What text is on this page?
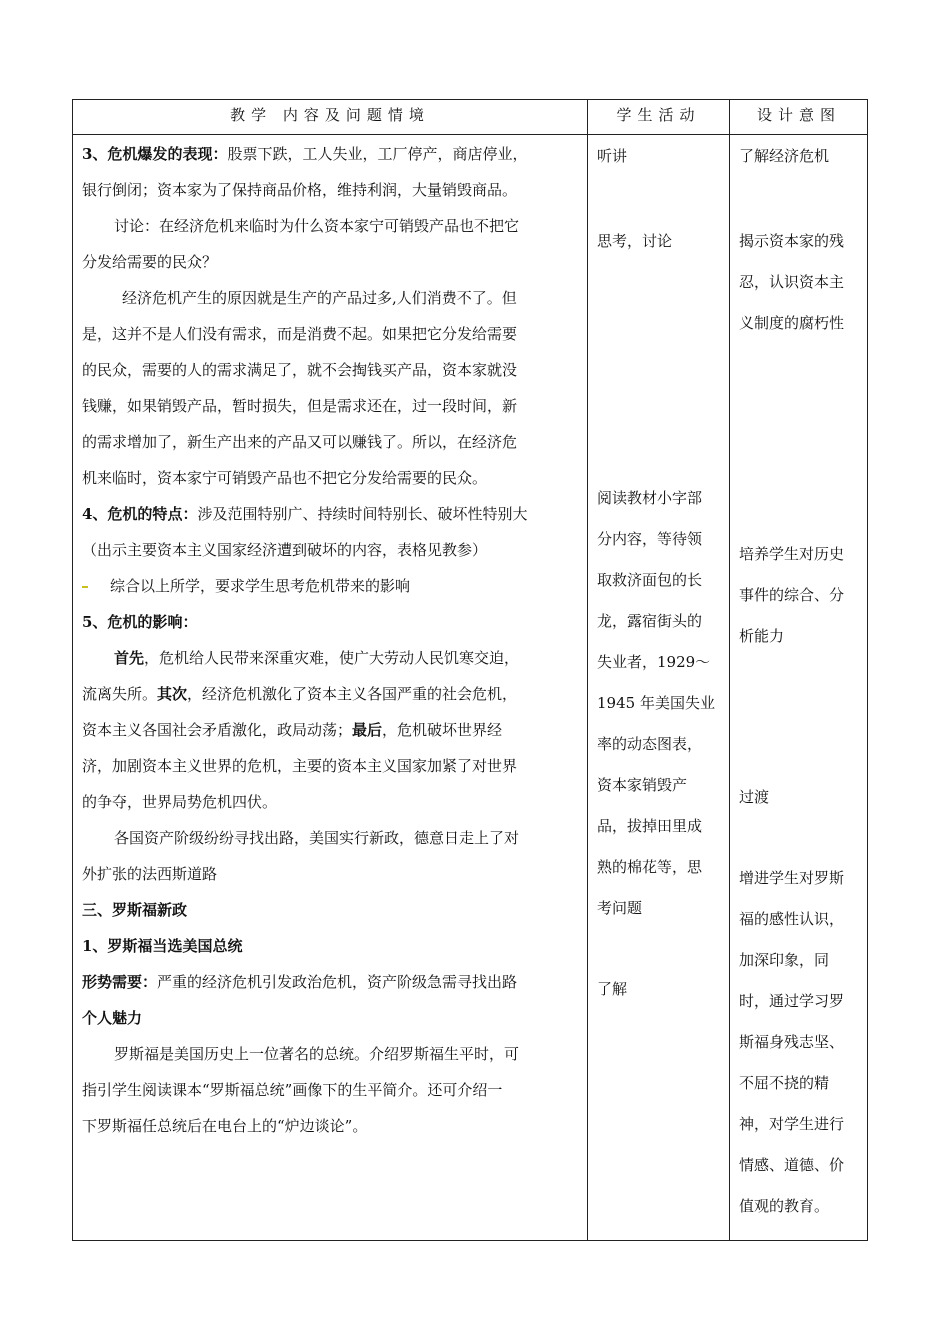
教学 内容及问题情境	学生活动	设计意图
3、危机爆发的表现：股票下跌，工人失业，工厂停产，商店停业，
银行倒闭；资本家为了保持商品价格，维持利润，大量销毁商品。
讨论：在经济危机来临时为什么资本家宁可销毁产品也不把它
分发给需要的民众？
经济危机产生的原因就是生产的产品过多,人们消费不了。但
是，这并不是人们没有需求，而是消费不起。如果把它分发给需要
的民众，需要的人的需求满足了，就不会掏钱买产品，资本家就没
钱赚，如果销毁产品，暂时损失，但是需求还在，过一段时间，新
的需求增加了，新生产出来的产品又可以赚钱了。所以，在经济危
机来临时，资本家宁可销毁产品也不把它分发给需要的民众。
4、危机的特点：涉及范围特别广、持续时间特别长、破坏性特别大
（出示主要资本主义国家经济遭到破坏的内容，表格见教参）
综合以上所学，要求学生思考危机带来的影响
5、危机的影响：
首先，危机给人民带来深重灾难，使广大劳动人民饥寒交迫，
流离失所。其次，经济危机激化了资本主义各国严重的社会危机，
资本主义各国社会矛盾激化，政局动荡；最后，危机破坏世界经
济，加剧资本主义世界的危机，主要的资本主义国家加紧了对世界
的争夺，世界局势危机四伏。
各国资产阶级纷纷寻找出路，美国实行新政，德意日走上了对
外扩张的法西斯道路
三、罗斯福新政
1、罗斯福当选美国总统
形势需要：严重的经济危机引发政治危机，资产阶级急需寻找出路
个人魅力
罗斯福是美国历史上一位著名的总统。介绍罗斯福生平时，可
指引学生阅读课本“罗斯福总统”画像下的生平简介。还可介绍一
下罗斯福任总统后在电台上的“炉边谈论”。
听讲
思考，讨论
阅读教材小字部
分内容，等待领
取救济面包的长
龙，露宿街头的
失业者，1929～
1945 年美国失业
率的动态图表，
资本家销毁产
品，拔掉田里成
熟的棉花等，思
考问题
了解
了解经济危机
揭示资本家的残
忍，认识资本主
义制度的腐朽性
培养学生对历史
事件的综合、分
析能力
过渡
增进学生对罗斯
福的感性认识，
加深印象，同
时，通过学习罗
斯福身残志坚、
不屈不挠的精
神，对学生进行
情感、道德、价
值观的教育。
